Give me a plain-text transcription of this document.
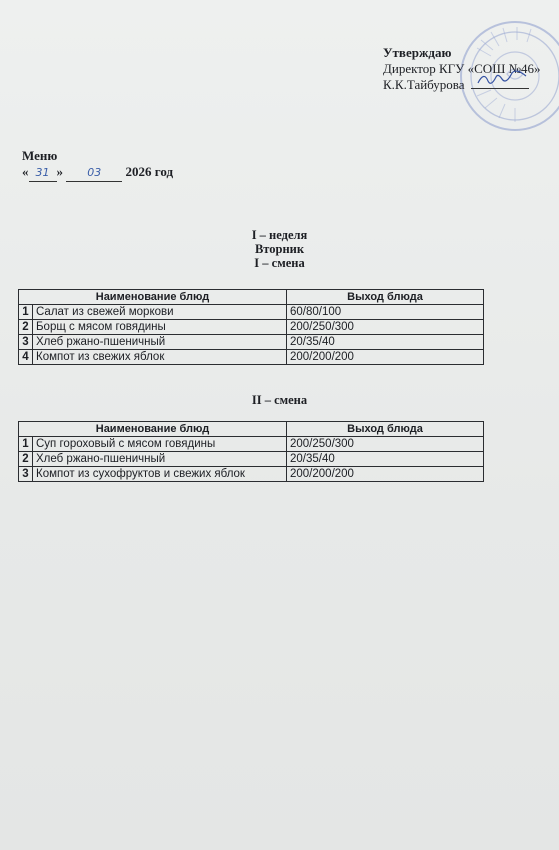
Утверждаю
Директор КГУ «СОШ №46»
К.К.Тайбурова
Меню
« 31 » 03 2026 год
I – неделя
Вторник
I – смена
Наименование блюд		Выход блюда
1	Салат из свежей моркови	60/80/100
2	Борщ с мясом говядины	200/250/300
3	Хлеб ржано-пшеничный	20/35/40
4	Компот из свежих яблок	200/200/200
II – смена
Наименование блюд		Выход блюда
1	Суп гороховый с мясом говядины	200/250/300
2	Хлеб ржано-пшеничный	20/35/40
3	Компот из сухофруктов и свежих яблок	200/200/200
